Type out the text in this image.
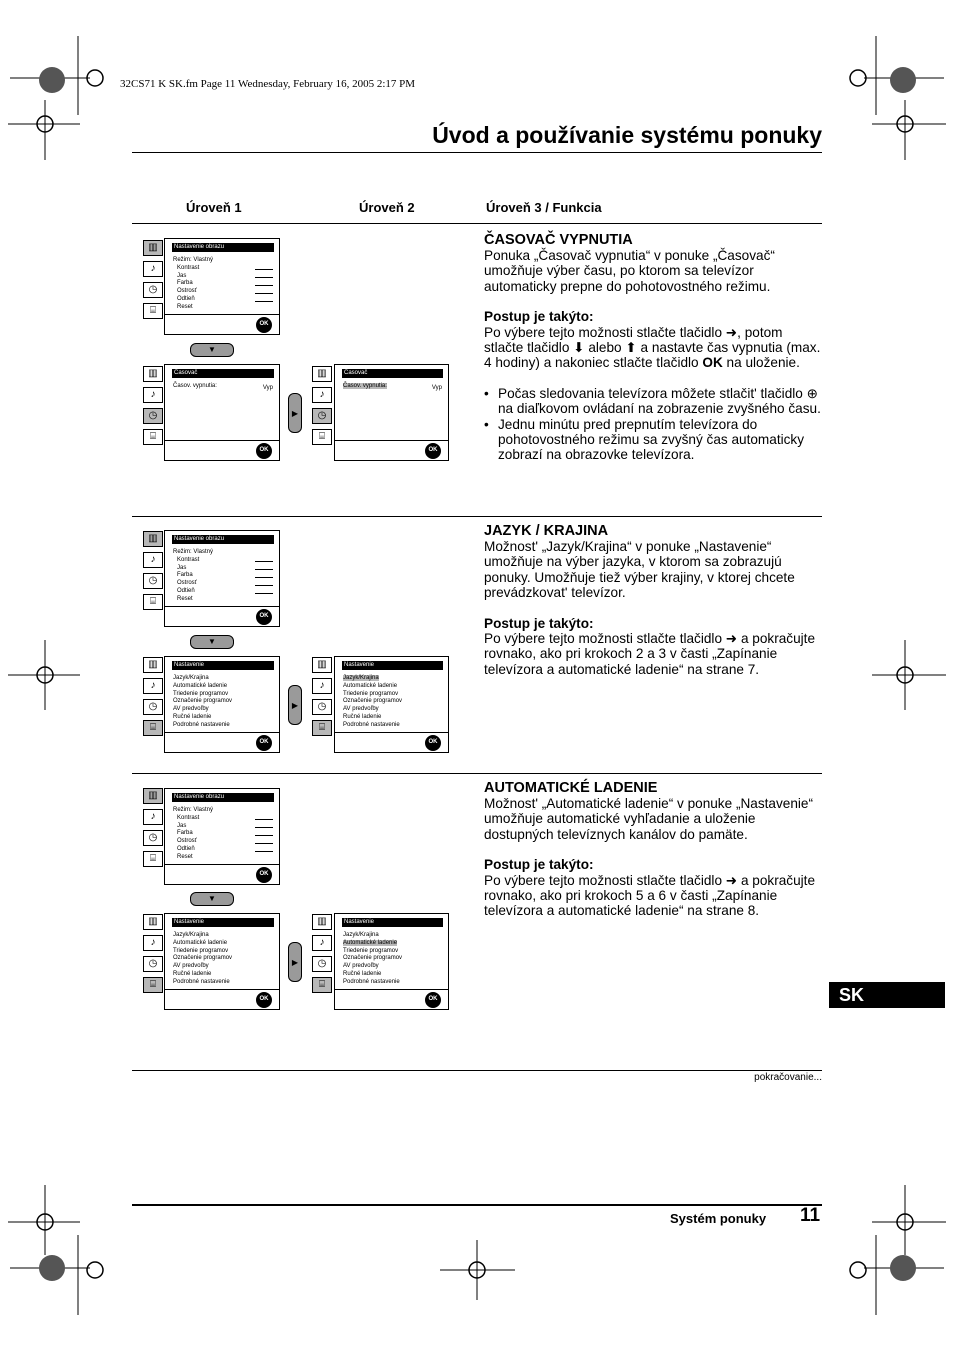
32CS71 K SK.fm Page 11 Wednesday, February 16, 2005 2:17 PM
Úvod a používanie systému ponuky
Úroveň 1	Úroveň 2	Úroveň 3 / Funkcia
▥
♪
◷
⌸
Nastavenie obrazu
Režim: Vlastný
Kontrast
Jas
Farba
Ostrosť
Odtieň
Reset
OK
▼
▥
♪
◷
⌸
Časovač
Časov. vypnutia:	Vyp
OK
▶
▥
♪
◷
⌸
Časovač
Časov. vypnutia:	Vyp
OK
ČASOVAČ VYPNUTIA

Ponuka „Časovač vypnutia“ v ponuke „Časovač“ umožňuje výber času, po ktorom sa televízor automaticky prepne do pohotovostného režimu.

Postup je takýto:

Po výbere tejto možnosti stlačte tlačidlo ➜, potom stlačte tlačidlo ⬇ alebo ⬆ a nastavte čas vypnutia (max. 4 hodiny) a nakoniec stlačte tlačidlo OK na uloženie.

• Počas sledovania televízora môžete stlačit' tlačidlo ⊕ na diaľkovom ovládaní na zobrazenie zvyšného času.
• Jednu minútu pred prepnutím televízora do pohotovostného režimu sa zvyšný čas automaticky zobrazí na obrazovke televízora.
▥
♪
◷
⌸
Nastavenie obrazu
Režim: Vlastný
Kontrast
Jas
Farba
Ostrosť
Odtieň
Reset
OK
▼
▥
♪
◷
⌸
Nastavenie
Jazyk/Krajina
Automatické ladenie
Triedenie programov
Označenie programov
AV predvoľby
Ručné ladenie
Podrobné nastavenie
OK
▶
▥
♪
◷
⌸
Nastavenie
Jazyk/Krajina
Automatické ladenie
Triedenie programov
Označenie programov
AV predvoľby
Ručné ladenie
Podrobné nastavenie
OK
JAZYK / KRAJINA

Možnost' „Jazyk/Krajina“ v ponuke „Nastavenie“ umožňuje na výber jazyka, v ktorom sa zobrazujú ponuky. Umožňuje tiež výber krajiny, v ktorej chcete prevádzkovat' televízor.

Postup je takýto:

Po výbere tejto možnosti stlačte tlačidlo ➜ a pokračujte rovnako, ako pri krokoch 2 a 3 v časti „Zapínanie televízora a automatické ladenie“ na strane 7.

▥
♪
◷
⌸
Nastavenie obrazu
Režim: Vlastný
Kontrast
Jas
Farba
Ostrosť
Odtieň
Reset
OK
▼
▥
♪
◷
⌸
Nastavenie
Jazyk/Krajina
Automatické ladenie
Triedenie programov
Označenie programov
AV predvoľby
Ručné ladenie
Podrobné nastavenie
OK
▶
▥
♪
◷
⌸
Nastavenie
Jazyk/Krajina
Automatické ladenie
Triedenie programov
Označenie programov
AV predvoľby
Ručné ladenie
Podrobné nastavenie
OK
AUTOMATICKÉ LADENIE

Možnost' „Automatické ladenie“ v ponuke „Nastavenie“ umožňuje automatické vyhľadanie a uloženie dostupných televíznych kanálov do pamäte.

Postup je takýto:

Po výbere tejto možnosti stlačte tlačidlo ➜ a pokračujte rovnako, ako pri krokoch 5 a 6 v časti „Zapínanie televízora a automatické ladenie“ na strane 8.

SK
pokračovanie...
Systém ponuky 11
